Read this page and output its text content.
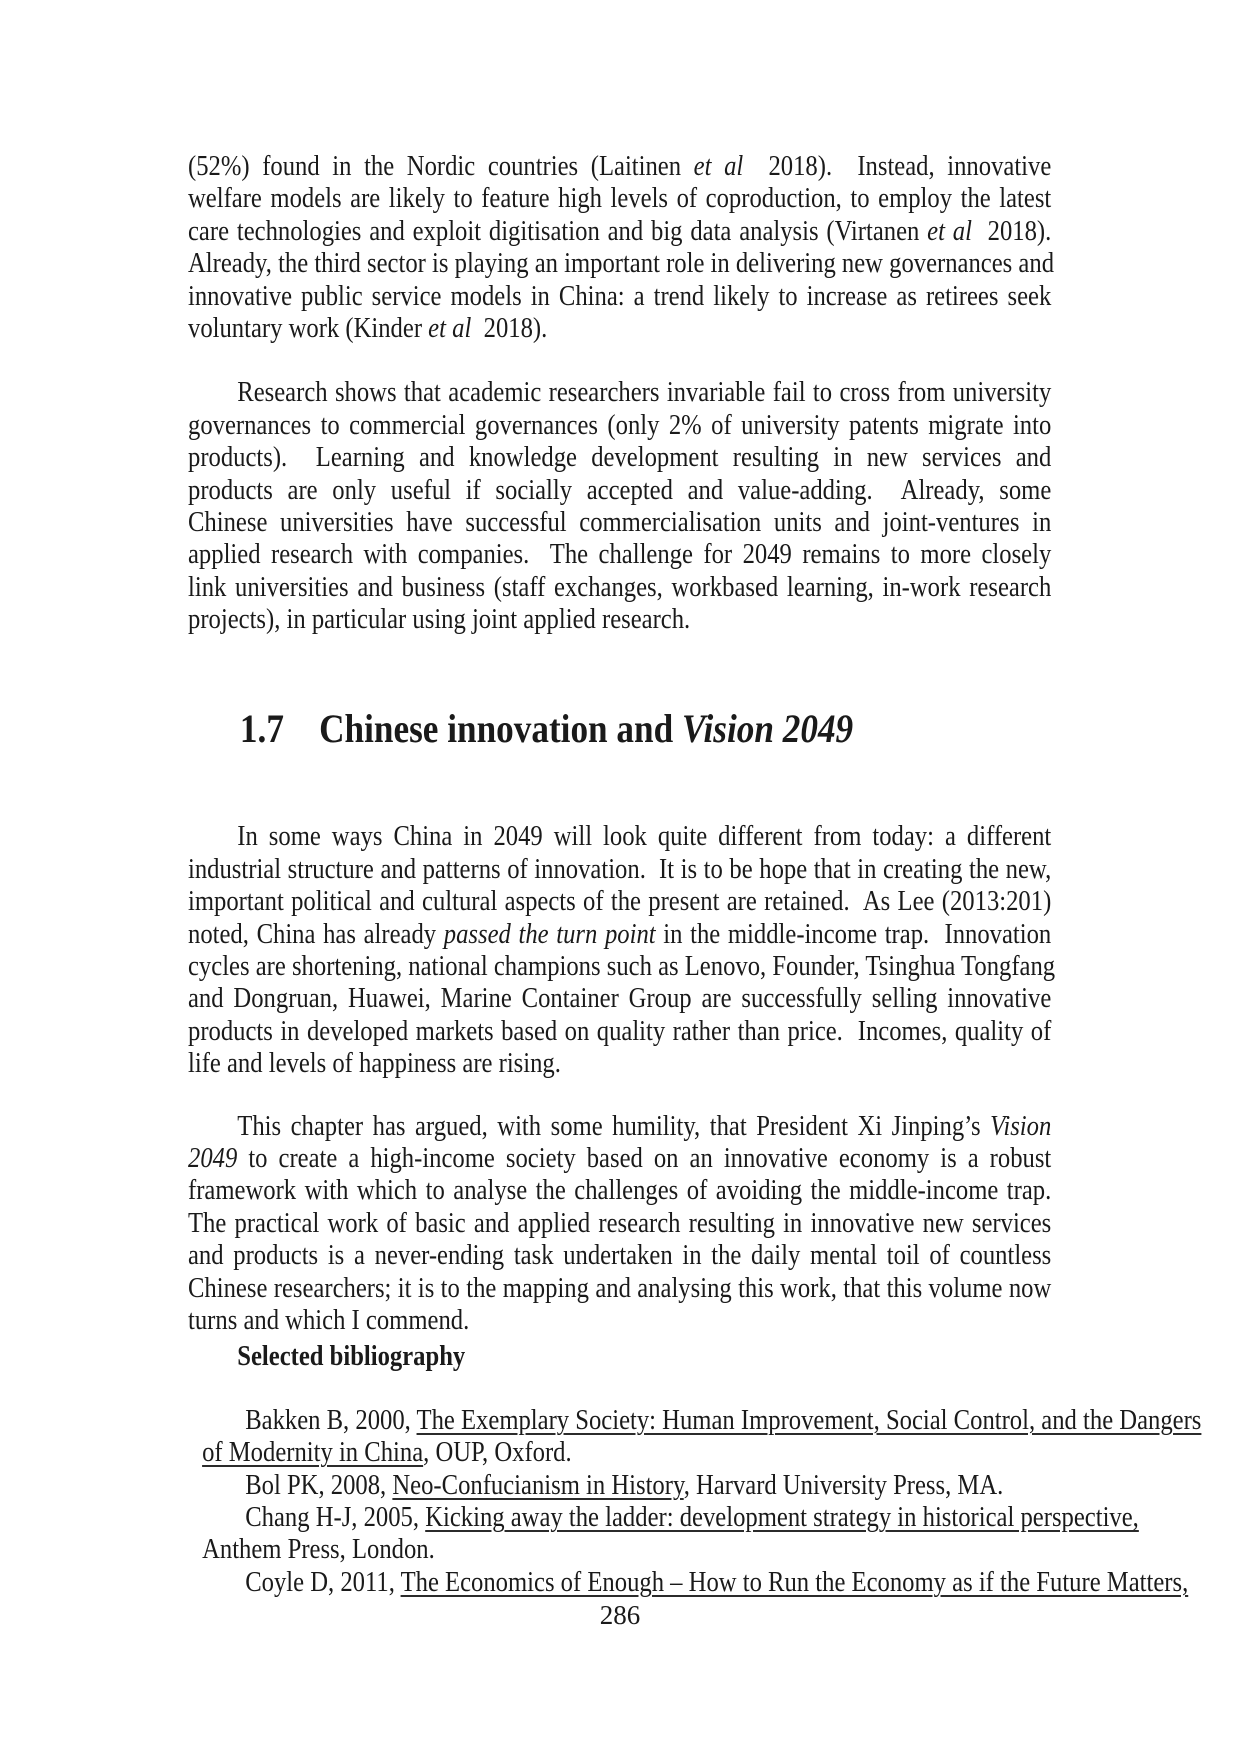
(52%) found in the Nordic countries (Laitinen et al  2018).  Instead, innovative
welfare models are likely to feature high levels of coproduction, to employ the latest
care technologies and exploit digitisation and big data analysis (Virtanen et al  2018).
Already, the third sector is playing an important role in delivering new governances and
innovative public service models in China: a trend likely to increase as retirees seek
voluntary work (Kinder et al  2018).
Research shows that academic researchers invariable fail to cross from university
governances to commercial governances (only 2% of university patents migrate into
products).  Learning and knowledge development resulting in new services and
products are only useful if socially accepted and value-adding.  Already, some
Chinese universities have successful commercialisation units and joint-ventures in
applied research with companies.  The challenge for 2049 remains to more closely
link universities and business (staff exchanges, workbased learning, in-work research
projects), in particular using joint applied research.
1.7    Chinese innovation and Vision 2049
In some ways China in 2049 will look quite different from today: a different
industrial structure and patterns of innovation.  It is to be hope that in creating the new,
important political and cultural aspects of the present are retained.  As Lee (2013:201)
noted, China has already passed the turn point in the middle-income trap.  Innovation
cycles are shortening, national champions such as Lenovo, Founder, Tsinghua Tongfang
and Dongruan, Huawei, Marine Container Group are successfully selling innovative
products in developed markets based on quality rather than price.  Incomes, quality of
life and levels of happiness are rising.
This chapter has argued, with some humility, that President Xi Jinping’s Vision
2049 to create a high-income society based on an innovative economy is a robust
framework with which to analyse the challenges of avoiding the middle-income trap.
The practical work of basic and applied research resulting in innovative new services
and products is a never-ending task undertaken in the daily mental toil of countless
Chinese researchers; it is to the mapping and analysing this work, that this volume now
turns and which I commend.
Selected bibliography
Bakken B, 2000, The Exemplary Society: Human Improvement, Social Control, and the Dangers
of Modernity in China, OUP, Oxford.
Bol PK, 2008, Neo-Confucianism in History, Harvard University Press, MA.
Chang H-J, 2005, Kicking away the ladder: development strategy in historical perspective,
Anthem Press, London.
Coyle D, 2011, The Economics of Enough – How to Run the Economy as if the Future Matters,
286
